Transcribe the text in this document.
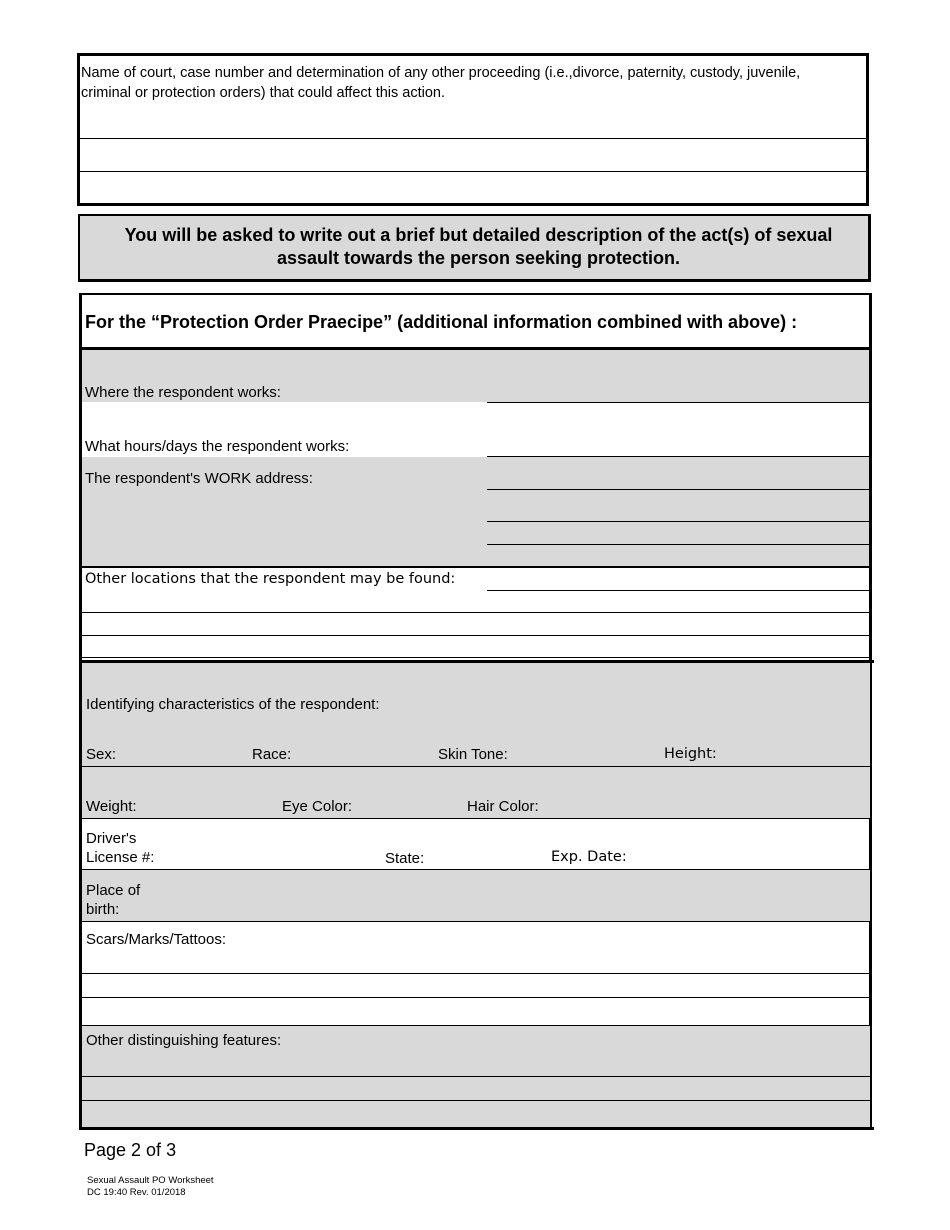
Name of court, case number and determination of any other proceeding (i.e.,divorce, paternity, custody, juvenile, criminal or protection orders) that could affect this action.
You will be asked to write out a brief but detailed description of the act(s) of sexual assault towards the person seeking protection.
For the “Protection Order Praecipe” (additional information combined with above) :
Where the respondent works:
What hours/days the respondent works:
The respondent's WORK address:
Other locations that the respondent may be found:
Identifying characteristics of the respondent:
Sex:	Race:	Skin Tone:	Height:
Weight:	Eye Color:	Hair Color:
Driver's
License #:	State:	Exp. Date:
Place of
birth:
Scars/Marks/Tattoos:
Other distinguishing features:
Page 2 of 3
Sexual Assault PO Worksheet
DC 19:40 Rev. 01/2018
